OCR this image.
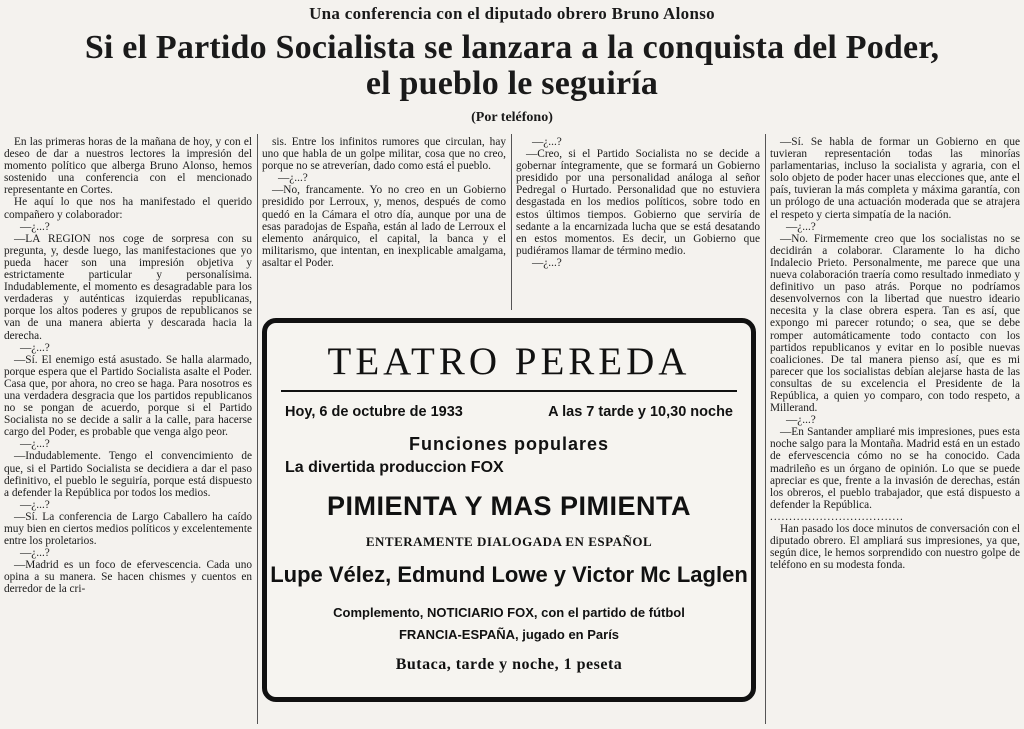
Una conferencia con el diputado obrero Bruno Alonso
Si el Partido Socialista se lanzara a la conquista del Poder,
el pueblo le seguiría
(Por teléfono)

En las primeras horas de la mañana de hoy, y con el deseo de dar a nuestros lectores la impresión del momento político que alberga Bruno Alonso, hemos sostenido una conferencia con el mencionado representante en Cortes.

He aquí lo que nos ha manifestado el querido compañero y colaborador:

—¿...?

—LA REGION nos coge de sorpresa con su pregunta, y, desde luego, las manifestaciones que yo pueda hacer son una impresión objetiva y estrictamente particular y personalísima. Indudablemente, el momento es desagradable para los verdaderas y auténticas izquierdas republicanas, porque los altos poderes y grupos de republicanos se van de una manera abierta y descarada hacia la derecha.

—¿...?

—Sí. El enemigo está asustado. Se halla alarmado, porque espera que el Partido Socialista asalte el Poder. Casa que, por ahora, no creo se haga. Para nosotros es una verdadera desgracia que los partidos republicanos no se pongan de acuerdo, porque si el Partido Socialista no se decide a salir a la calle, para hacerse cargo del Poder, es probable que venga algo peor.

—¿...?

—Indudablemente. Tengo el convencimiento de que, si el Partido Socialista se decidiera a dar el paso definitivo, el pueblo le seguiría, porque está dispuesto a defender la República por todos los medios.

—¿...?

—Sí. La conferencia de Largo Caballero ha caído muy bien en ciertos medios políticos y excelentemente entre los proletarios.

—¿...?

—Madrid es un foco de efervescencia. Cada uno opina a su manera. Se hacen chismes y cuentos en derredor de la cri-

sis. Entre los infinitos rumores que circulan, hay uno que habla de un golpe militar, cosa que no creo, porque no se atreverían, dado como está el pueblo.

—¿...?

—No, francamente. Yo no creo en un Gobierno presidido por Lerroux, y, menos, después de como quedó en la Cámara el otro día, aunque por una de esas paradojas de España, están al lado de Lerroux el elemento anárquico, el capital, la banca y el militarismo, que intentan, en inexplicable amalgama, asaltar el Poder.

—¿...?

—Creo, si el Partido Socialista no se decide a gobernar íntegramente, que se formará un Gobierno presidido por una personalidad análoga al señor Pedregal o Hurtado. Personalidad que no estuviera desgastada en los medios políticos, sobre todo en estos últimos tiempos. Gobierno que serviría de sedante a la encarnizada lucha que se está desatando en estos momentos. Es decir, un Gobierno que pudiéramos llamar de término medio.

—¿...?

—Sí. Se habla de formar un Gobierno en que tuvieran representación todas las minorías parlamentarias, incluso la socialista y agraria, con el solo objeto de poder hacer unas elecciones que, ante el país, tuvieran la más completa y máxima garantía, con un prólogo de una actuación moderada que se atrajera el respeto y cierta simpatía de la nación.

—¿...?

—No. Firmemente creo que los socialistas no se decidirán a colaborar. Claramente lo ha dicho Indalecio Prieto. Personalmente, me parece que una nueva colaboración traería como resultado inmediato y definitivo un paso atrás. Porque no podríamos desenvolvernos con la libertad que nuestro ideario necesita y la clase obrera espera. Tan es así, que expongo mi parecer rotundo; o sea, que se debe romper automáticamente todo contacto con los partidos republicanos y evitar en lo posible nuevas coaliciones. De tal manera pienso así, que es mi parecer que los socialistas debían alejarse hasta de las consultas de su excelencia el Presidente de la República, a quien yo comparo, con todo respeto, a Millerand.

—¿...?

—En Santander ampliaré mis impresiones, pues esta noche salgo para la Montaña. Madrid está en un estado de efervescencia cómo no se ha conocido. Cada madrileño es un órgano de opinión. Lo que se puede apreciar es que, frente a la invasión de derechas, están los obreros, el pueblo trabajador, que está dispuesto a defender la República.

...................................

Han pasado los doce minutos de conversación con el diputado obrero. El ampliará sus impresiones, ya que, según dice, le hemos sorprendido con nuestro golpe de teléfono en su modesta fonda.

TEATRO PEREDA
Hoy, 6 de octubre de 1933	A las 7 tarde y 10,30 noche
Funciones populares
La divertida produccion FOX
PIMIENTA Y MAS PIMIENTA
ENTERAMENTE DIALOGADA EN ESPAÑOL
Lupe Vélez, Edmund Lowe y Victor Mc Laglen
Complemento, NOTICIARIO FOX, con el partido de fútbol
FRANCIA-ESPAÑA, jugado en París
Butaca, tarde y noche, 1 peseta
